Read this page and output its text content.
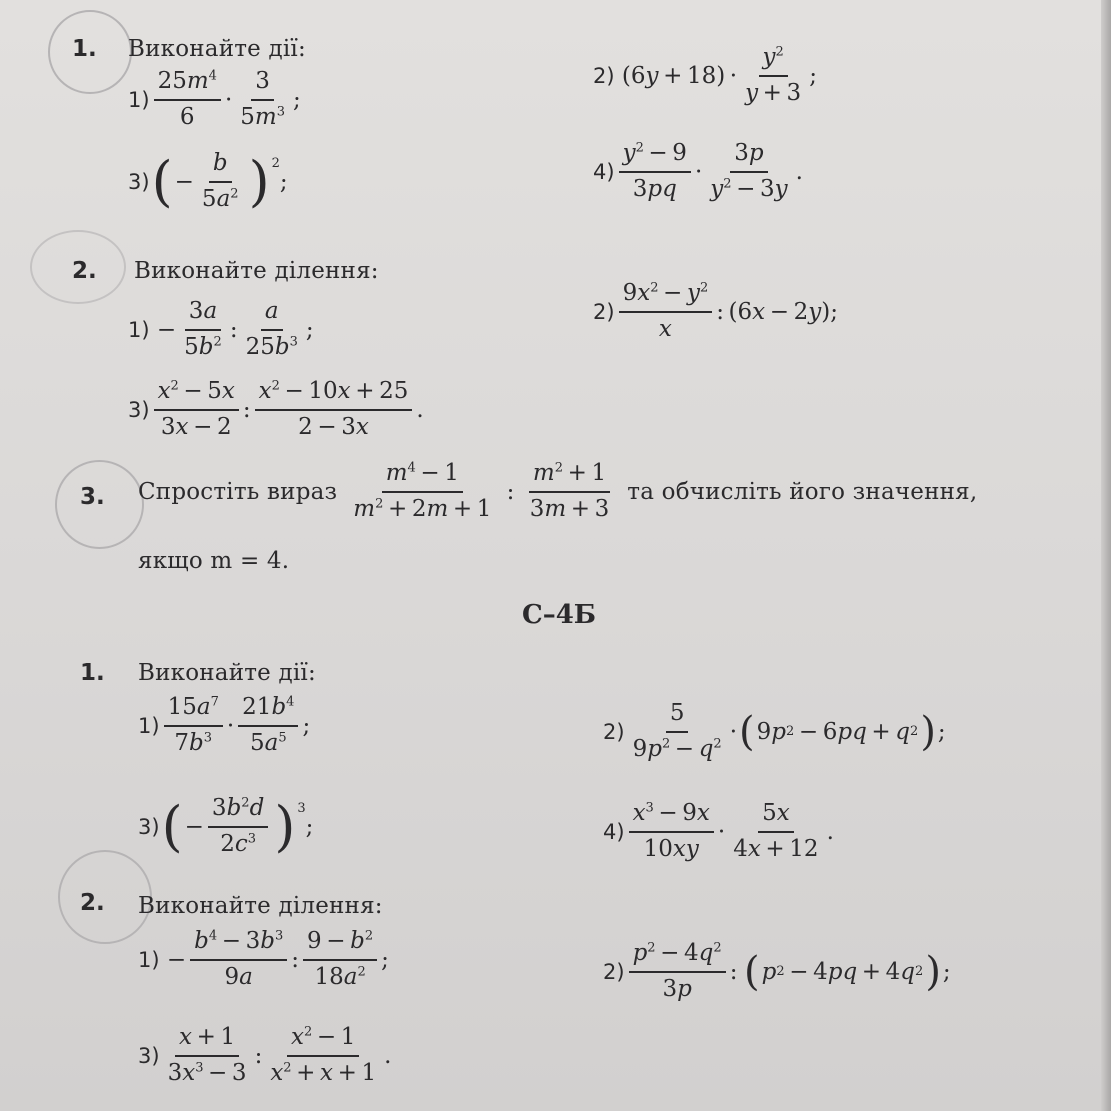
1. Виконайте дії:
$1) \frac{25m^4}{6} \cdot \frac{3}{5m^3}$ ;
2) (6 $y + 18) \cdot \frac{y^2}{y + 3}$ ;
3) ( − $\frac{b}{5a^2} )^2$
;	$4) \frac{y^2 - 9}{3pq} \cdot \frac{3p}{y^2 - 3y}$ .
2. Виконайте ділення:
$1) - \frac{3a}{5b^2}$ : $\frac{a}{25b^3}$ ;
$2) \frac{9x^2 - y^2}{x}$ : (6 x  − 2 y );
$3) \frac{x^2 - 5x}{3x - 2}$ : $\frac{x^2 - 10x + 25}{2 - 3x}$ .
3. Спростіть вираз $\frac{m^4 - 1}{m^2 + 2m + 1}$ : $\frac{m^2 + 1}{3m + 3}$ та обчисліть його значення,
якщо m = 4.
С–4Б
1. Виконайте дії:
$1) \frac{15a^7}{7b^3} \cdot \frac{21b^4}{5a^5}$ ;	$2) \frac{5}{9p^2 - q^2}$ · ( 9 p 2  − 6 pq  +  q 2 ) ;
3) ( − $\frac{3b^2d}{2c^3} )^3$
;	$4) \frac{x^3 - 9x}{10xy} \cdot \frac{5x}{4x + 12}$ .
2. Виконайте ділення:
$1) - \frac{b^4 - 3b^3}{9a}$ : $\frac{9 - b^2}{18a^2}$ ;	$2) \frac{p^2 - 4q^2}{3p}$ :  ( p 2  − 4 pq  + 4 q 2 ) ;
$3) \frac{x + 1}{3x^3 - 3}$ : $\frac{x^2 - 1}{x^2 + x + 1}$ .
